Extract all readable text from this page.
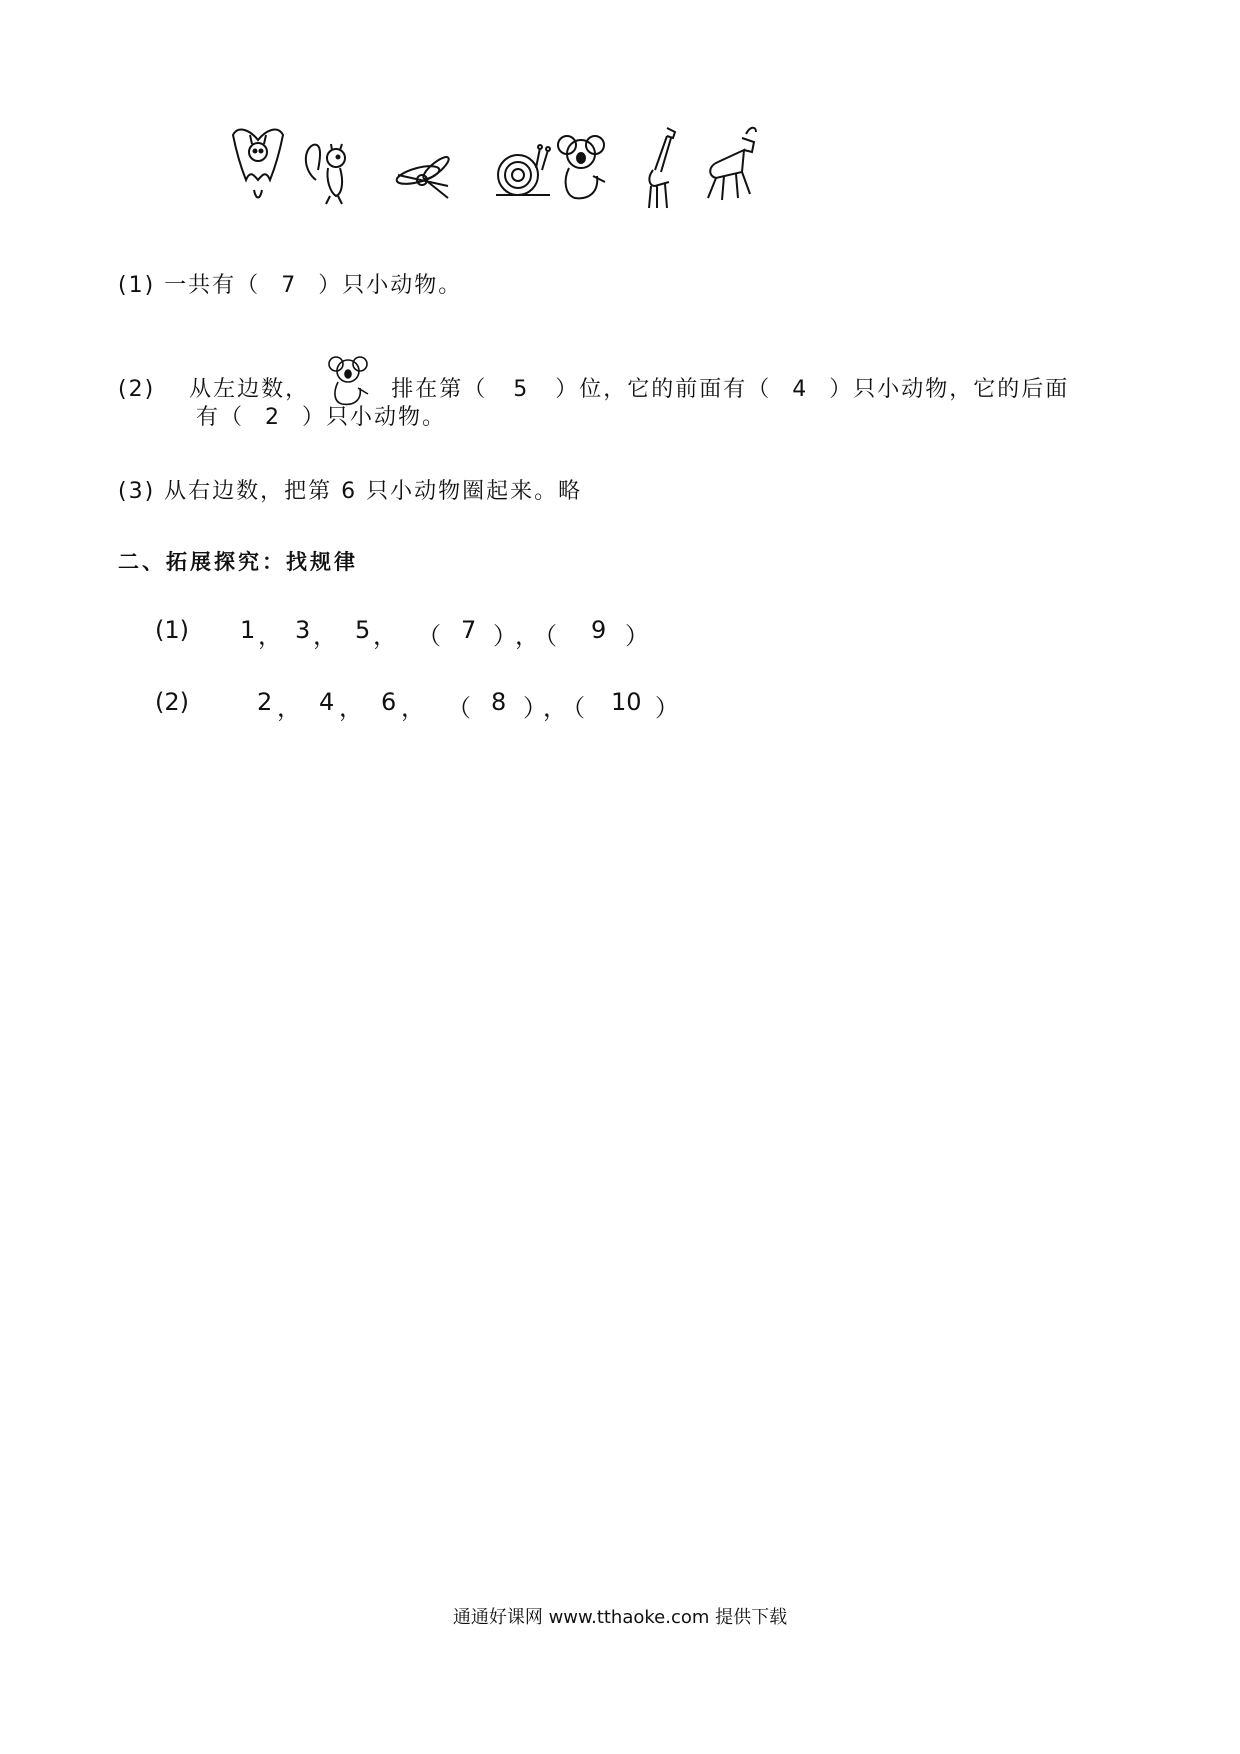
(1) 一共有（ 7 ）只小动物。
(2) 从左边数，	排在第（ 5 ）位，它的前面有（ 4 ）只小动物，它的后面
有（ 2 ）只小动物。
(3) 从右边数，把第 6 只小动物圈起来。略
二、拓展探究：找规律
(1) 1 ， 3 ， 5 ， （ 7 ）
，
（ 9 ）
(2)	2 ， 4 ， 6 ， （ 8 ）
，
（ 10 ）
通通好课网 www.tthaoke.com 提供下载
